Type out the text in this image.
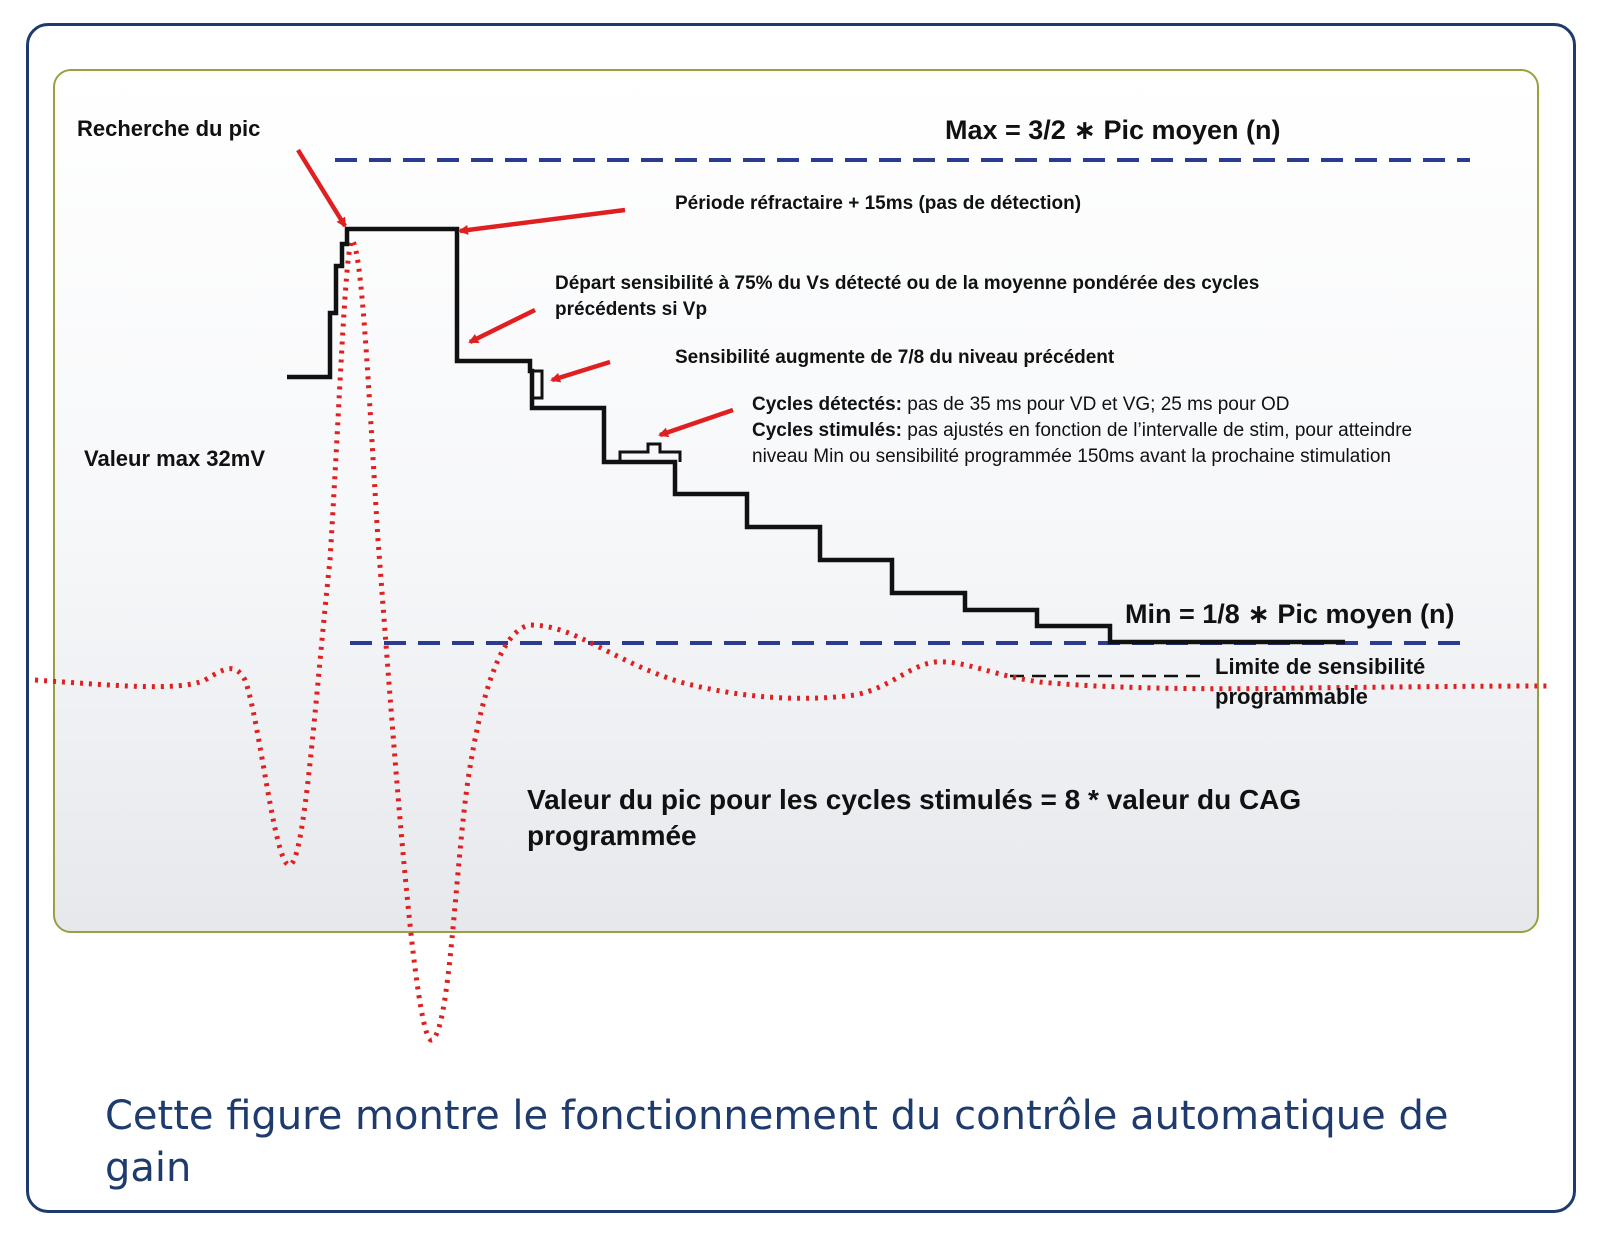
Recherche du pic	Max = 3/2 ∗ Pic moyen (n)
Période réfractaire + 15ms (pas de détection)
Départ sensibilité à 75% du Vs détecté ou de la moyenne pondérée des cycles
précédents si Vp
Sensibilité augmente de 7/8 du niveau précédent
Cycles détectés: pas de 35 ms pour VD et VG; 25 ms pour OD
Cycles stimulés: pas ajustés en fonction de l’intervalle de stim, pour atteindre
niveau Min ou sensibilité programmée 150ms avant la prochaine stimulation
Valeur max 32mV
Min = 1/8 ∗ Pic moyen (n)
Limite de sensibilité
programmable
Valeur du pic pour les cycles stimulés = 8 * valeur du CAG
programmée
Cette figure montre le fonctionnement du contrôle automatique de gain
